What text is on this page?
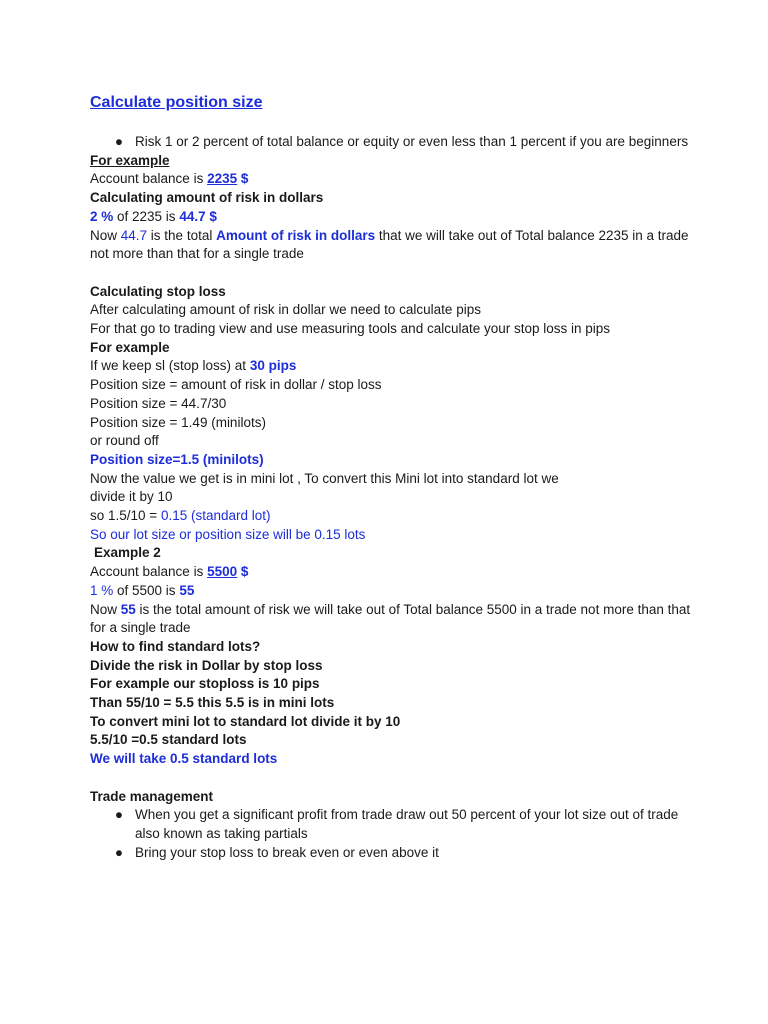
Calculate position size
● Risk 1 or 2 percent of total balance or equity or even less than 1 percent if you are beginners

For example

Account balance is 2235 $

Calculating amount of risk in dollars

2 % of 2235 is 44.7 $

Now 44.7 is the total Amount of risk in dollars that we will take out of Total balance 2235 in a trade not more than that for a single trade

Calculating stop loss

After calculating amount of risk in dollar we need to calculate pips

For that go to trading view and use measuring tools and calculate your stop loss in pips

For example

If we keep sl (stop loss) at 30 pips

Position size = amount of risk in dollar / stop loss

Position size = 44.7/30

Position size = 1.49 (minilots)

or round off

Position size=1.5 (minilots)

Now the value we get is in mini lot , To convert this Mini lot into standard lot we

divide it by 10

so 1.5/10 = 0.15 (standard lot)

So our lot size or position size will be 0.15 lots

Example 2

Account balance is 5500 $

1 % of 5500 is 55

Now 55 is the total amount of risk we will take out of Total balance 5500 in a trade not more than that for a single trade

How to find standard lots?

Divide the risk in Dollar by stop loss

For example our stoploss is 10 pips

Than 55/10 = 5.5 this 5.5 is in mini lots

To convert mini lot to standard lot divide it by 10

5.5/10 =0.5 standard lots

We will take 0.5 standard lots

Trade management

● When you get a significant profit from trade draw out 50 percent of your lot size out of trade also known as taking partials
● Bring your stop loss to break even or even above it
